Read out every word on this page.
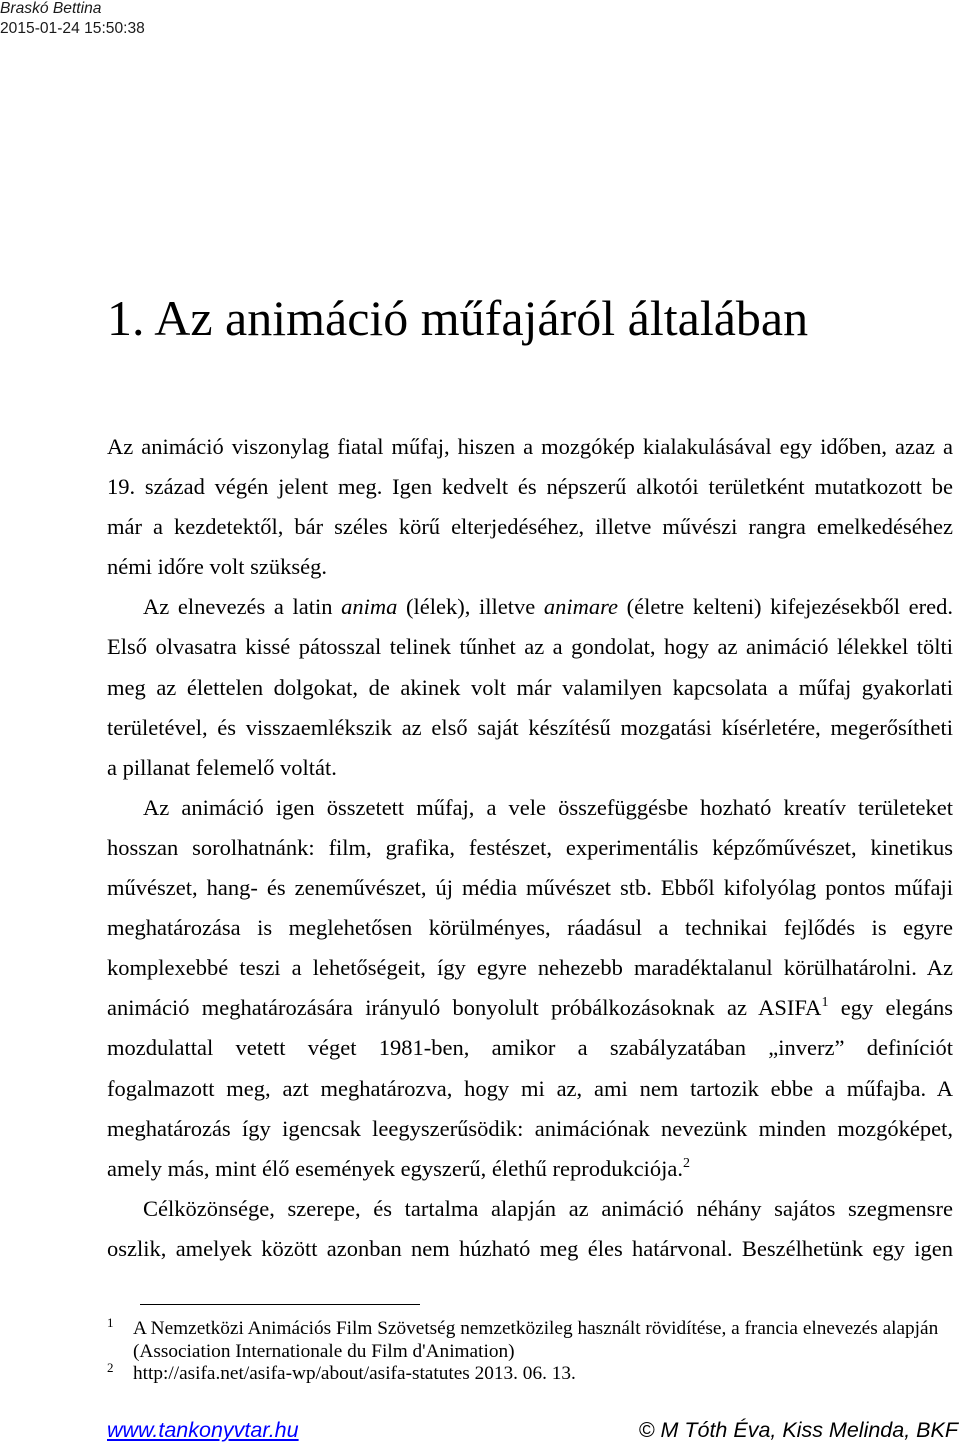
Braskó Bettina
2015-01-24 15:50:38
1. Az animáció műfajáról általában
Az animáció viszonylag fiatal műfaj, hiszen a mozgókép kialakulásával egy időben, azaz a
19. század végén jelent meg. Igen kedvelt és népszerű alkotói területként mutatkozott be
már a kezdetektől, bár széles körű elterjedéséhez, illetve művészi rangra emelkedéséhez
némi időre volt szükség.
Az elnevezés a latin anima (lélek), illetve animare (életre kelteni) kifejezésekből ered.
Első olvasatra kissé pátosszal telinek tűnhet az a gondolat, hogy az animáció lélekkel tölti
meg az élettelen dolgokat, de akinek volt már valamilyen kapcsolata a műfaj gyakorlati
területével, és visszaemlékszik az első saját készítésű mozgatási kísérletére, megerősítheti
a pillanat felemelő voltát.
Az animáció igen összetett műfaj, a vele összefüggésbe hozható kreatív területeket
hosszan sorolhatnánk: film, grafika, festészet, experimentális képzőművészet, kinetikus
művészet, hang- és zeneművészet, új média művészet stb. Ebből kifolyólag pontos műfaji
meghatározása is meglehetősen körülményes, ráadásul a technikai fejlődés is egyre
komplexebbé teszi a lehetőségeit, így egyre nehezebb maradéktalanul körülhatárolni. Az
animáció meghatározására irányuló bonyolult próbálkozásoknak az ASIFA$^1$ egy elegáns
mozdulattal vetett véget 1981-ben, amikor a szabályzatában „inverz” definíciót
fogalmazott meg, azt meghatározva, hogy mi az, ami nem tartozik ebbe a műfajba. A
meghatározás így igencsak leegyszerűsödik: animációnak nevezünk minden mozgóképet,
amely más, mint élő események egyszerű, élethű reprodukciója.$^2$
Célközönsége, szerepe, és tartalma alapján az animáció néhány sajátos szegmensre
oszlik, amelyek között azonban nem húzható meg éles határvonal. Beszélhetünk egy igen
1 A Nemzetközi Animációs Film Szövetség nemzetközileg használt rövidítése, a francia elnevezés alapján
(Association Internationale du Film d'Animation)
2 http://asifa.net/asifa-wp/about/asifa-statutes 2013. 06. 13.
www.tankonyvtar.hu	© M Tóth Éva, Kiss Melinda, BKF
